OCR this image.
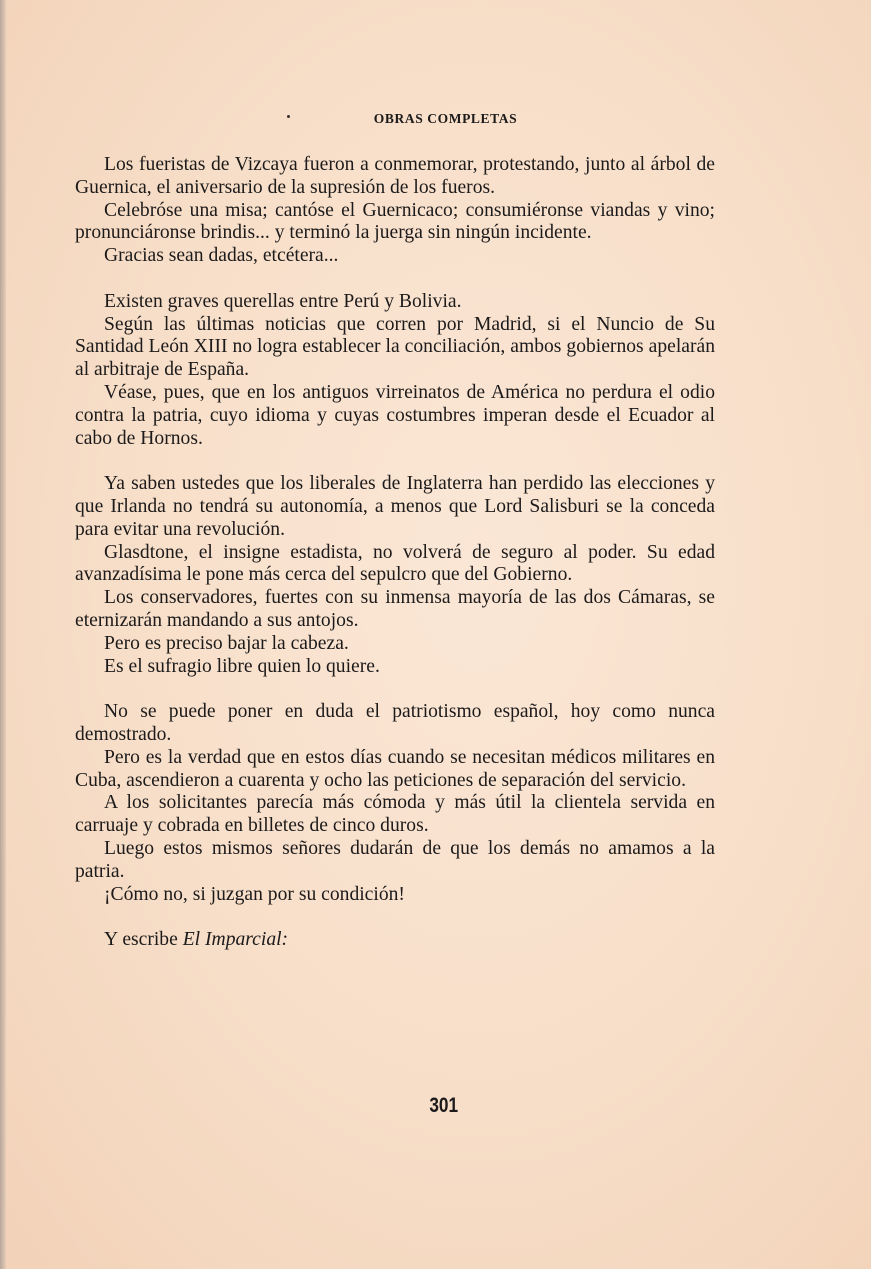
OBRAS COMPLETAS

Los fueristas de Vizcaya fueron a conmemorar, protestando, junto al árbol de Guernica, el aniversario de la supresión de los fueros.

Celebróse una misa; cantóse el Guernicaco; consumiéronse viandas y vino; pronunciáronse brindis... y terminó la juerga sin ningún incidente.

Gracias sean dadas, etcétera...

Existen graves querellas entre Perú y Bolivia.

Según las últimas noticias que corren por Madrid, si el Nuncio de Su Santidad León XIII no logra establecer la conciliación, ambos gobiernos apelarán al arbitraje de España.

Véase, pues, que en los antiguos virreinatos de América no perdura el odio contra la patria, cuyo idioma y cuyas costumbres imperan desde el Ecuador al cabo de Hornos.

Ya saben ustedes que los liberales de Inglaterra han perdido las elecciones y que Irlanda no tendrá su autonomía, a menos que Lord Salisburi se la conceda para evitar una revolución.

Glasdtone, el insigne estadista, no volverá de seguro al poder. Su edad avanzadísima le pone más cerca del sepulcro que del Gobierno.

Los conservadores, fuertes con su inmensa mayoría de las dos Cámaras, se eternizarán mandando a sus antojos.

Pero es preciso bajar la cabeza.

Es el sufragio libre quien lo quiere.

No se puede poner en duda el patriotismo español, hoy como nunca demostrado.

Pero es la verdad que en estos días cuando se necesitan médicos militares en Cuba, ascendieron a cuarenta y ocho las peticiones de separación del servicio.

A los solicitantes parecía más cómoda y más útil la clientela servida en carruaje y cobrada en billetes de cinco duros.

Luego estos mismos señores dudarán de que los demás no amamos a la patria.

¡Cómo no, si juzgan por su condición!

Y escribe El Imparcial:

301
